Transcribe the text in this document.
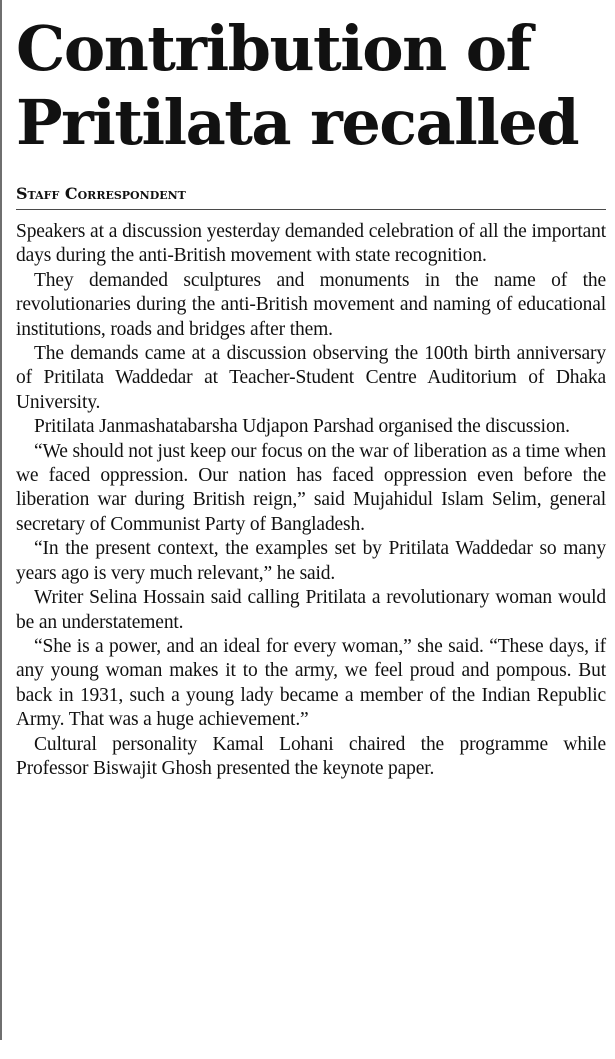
Contribution of
Pritilata recalled
Staff Correspondent

Speakers at a discussion yesterday demanded celebration of all the important days during the anti-British movement with state recognition.

They demanded sculptures and monuments in the name of the revolutionaries during the anti-British movement and naming of educational institutions, roads and bridges after them.

The demands came at a discussion observing the 100th birth anniversary of Pritilata Waddedar at Teacher-Student Centre Auditorium of Dhaka University.

Pritilata Janmashatabarsha Udjapon Parshad organised the discussion.

“We should not just keep our focus on the war of liberation as a time when we faced oppression. Our nation has faced oppression even before the liberation war during British reign,” said Mujahidul Islam Selim, general secretary of Communist Party of Bangladesh.

“In the present context, the examples set by Pritilata Waddedar so many years ago is very much relevant,” he said.

Writer Selina Hossain said calling Pritilata a revolutionary woman would be an understatement.

“She is a power, and an ideal for every woman,” she said. “These days, if any young woman makes it to the army, we feel proud and pompous. But back in 1931, such a young lady became a member of the Indian Republic Army. That was a huge achievement.”

Cultural personality Kamal Lohani chaired the programme while Professor Biswajit Ghosh presented the keynote paper.
